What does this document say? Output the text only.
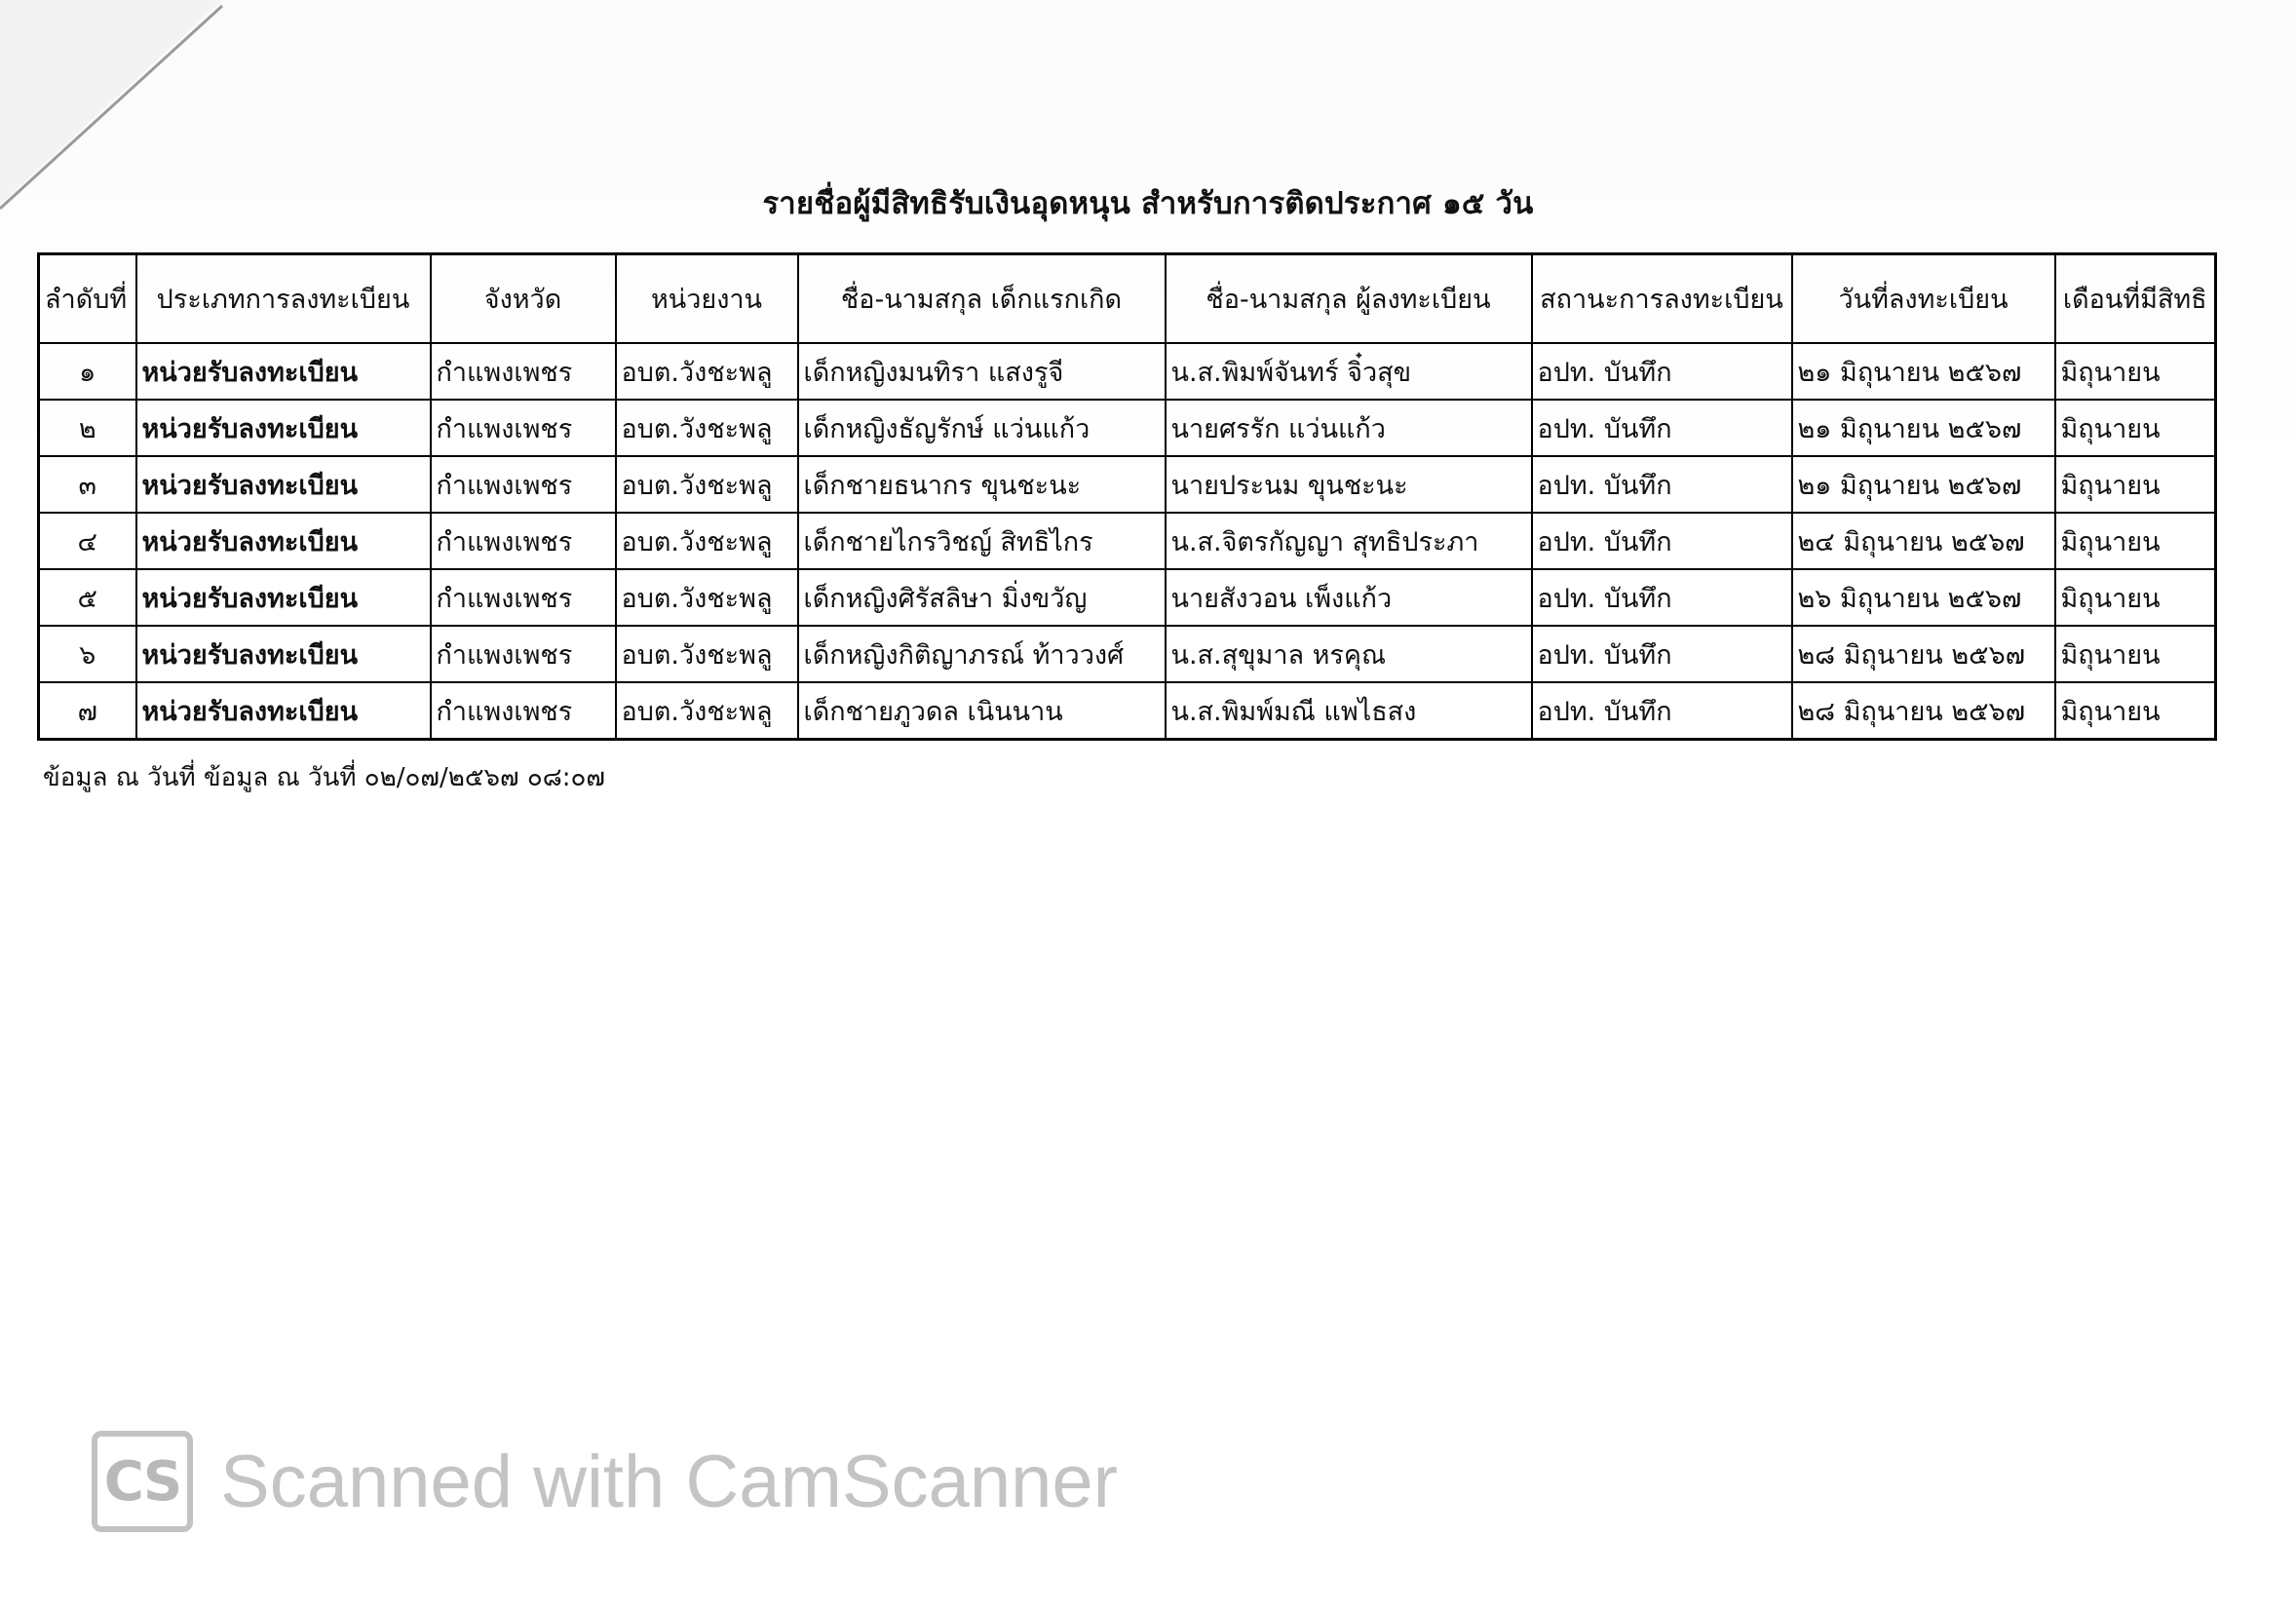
รายชื่อผู้มีสิทธิรับเงินอุดหนุน สำหรับการติดประกาศ ๑๕ วัน
ลำดับที่	ประเภทการลงทะเบียน	จังหวัด	หน่วยงาน	ชื่อ-นามสกุล เด็กแรกเกิด	ชื่อ-นามสกุล ผู้ลงทะเบียน	สถานะการลงทะเบียน	วันที่ลงทะเบียน	เดือนที่มีสิทธิ
๑	หน่วยรับลงทะเบียน	กำแพงเพชร	อบต.วังชะพลู	เด็กหญิงมนทิรา แสงรูจี	น.ส.พิมพ์จันทร์ จิ๋วสุข	อปท. บันทึก	๒๑ มิถุนายน ๒๕๖๗	มิถุนายน
๒	หน่วยรับลงทะเบียน	กำแพงเพชร	อบต.วังชะพลู	เด็กหญิงธัญรักษ์ แว่นแก้ว	นายศรรัก แว่นแก้ว	อปท. บันทึก	๒๑ มิถุนายน ๒๕๖๗	มิถุนายน
๓	หน่วยรับลงทะเบียน	กำแพงเพชร	อบต.วังชะพลู	เด็กชายธนากร ขุนชะนะ	นายประนม ขุนชะนะ	อปท. บันทึก	๒๑ มิถุนายน ๒๕๖๗	มิถุนายน
๔	หน่วยรับลงทะเบียน	กำแพงเพชร	อบต.วังชะพลู	เด็กชายไกรวิชญ์ สิทธิไกร	น.ส.จิตรกัญญา สุทธิประภา	อปท. บันทึก	๒๔ มิถุนายน ๒๕๖๗	มิถุนายน
๕	หน่วยรับลงทะเบียน	กำแพงเพชร	อบต.วังชะพลู	เด็กหญิงศิรัสลิษา มิ่งขวัญ	นายสังวอน เพ็งแก้ว	อปท. บันทึก	๒๖ มิถุนายน ๒๕๖๗	มิถุนายน
๖	หน่วยรับลงทะเบียน	กำแพงเพชร	อบต.วังชะพลู	เด็กหญิงกิติญาภรณ์ ท้าววงศ์	น.ส.สุขุมาล หรคุณ	อปท. บันทึก	๒๘ มิถุนายน ๒๕๖๗	มิถุนายน
๗	หน่วยรับลงทะเบียน	กำแพงเพชร	อบต.วังชะพลู	เด็กชายภูวดล เนินนาน	น.ส.พิมพ์มณี แพไธสง	อปท. บันทึก	๒๘ มิถุนายน ๒๕๖๗	มิถุนายน
ข้อมูล ณ วันที่ ข้อมูล ณ วันที่ ๐๒/๐๗/๒๕๖๗ ๐๘:๐๗
CS Scanned with CamScanner
